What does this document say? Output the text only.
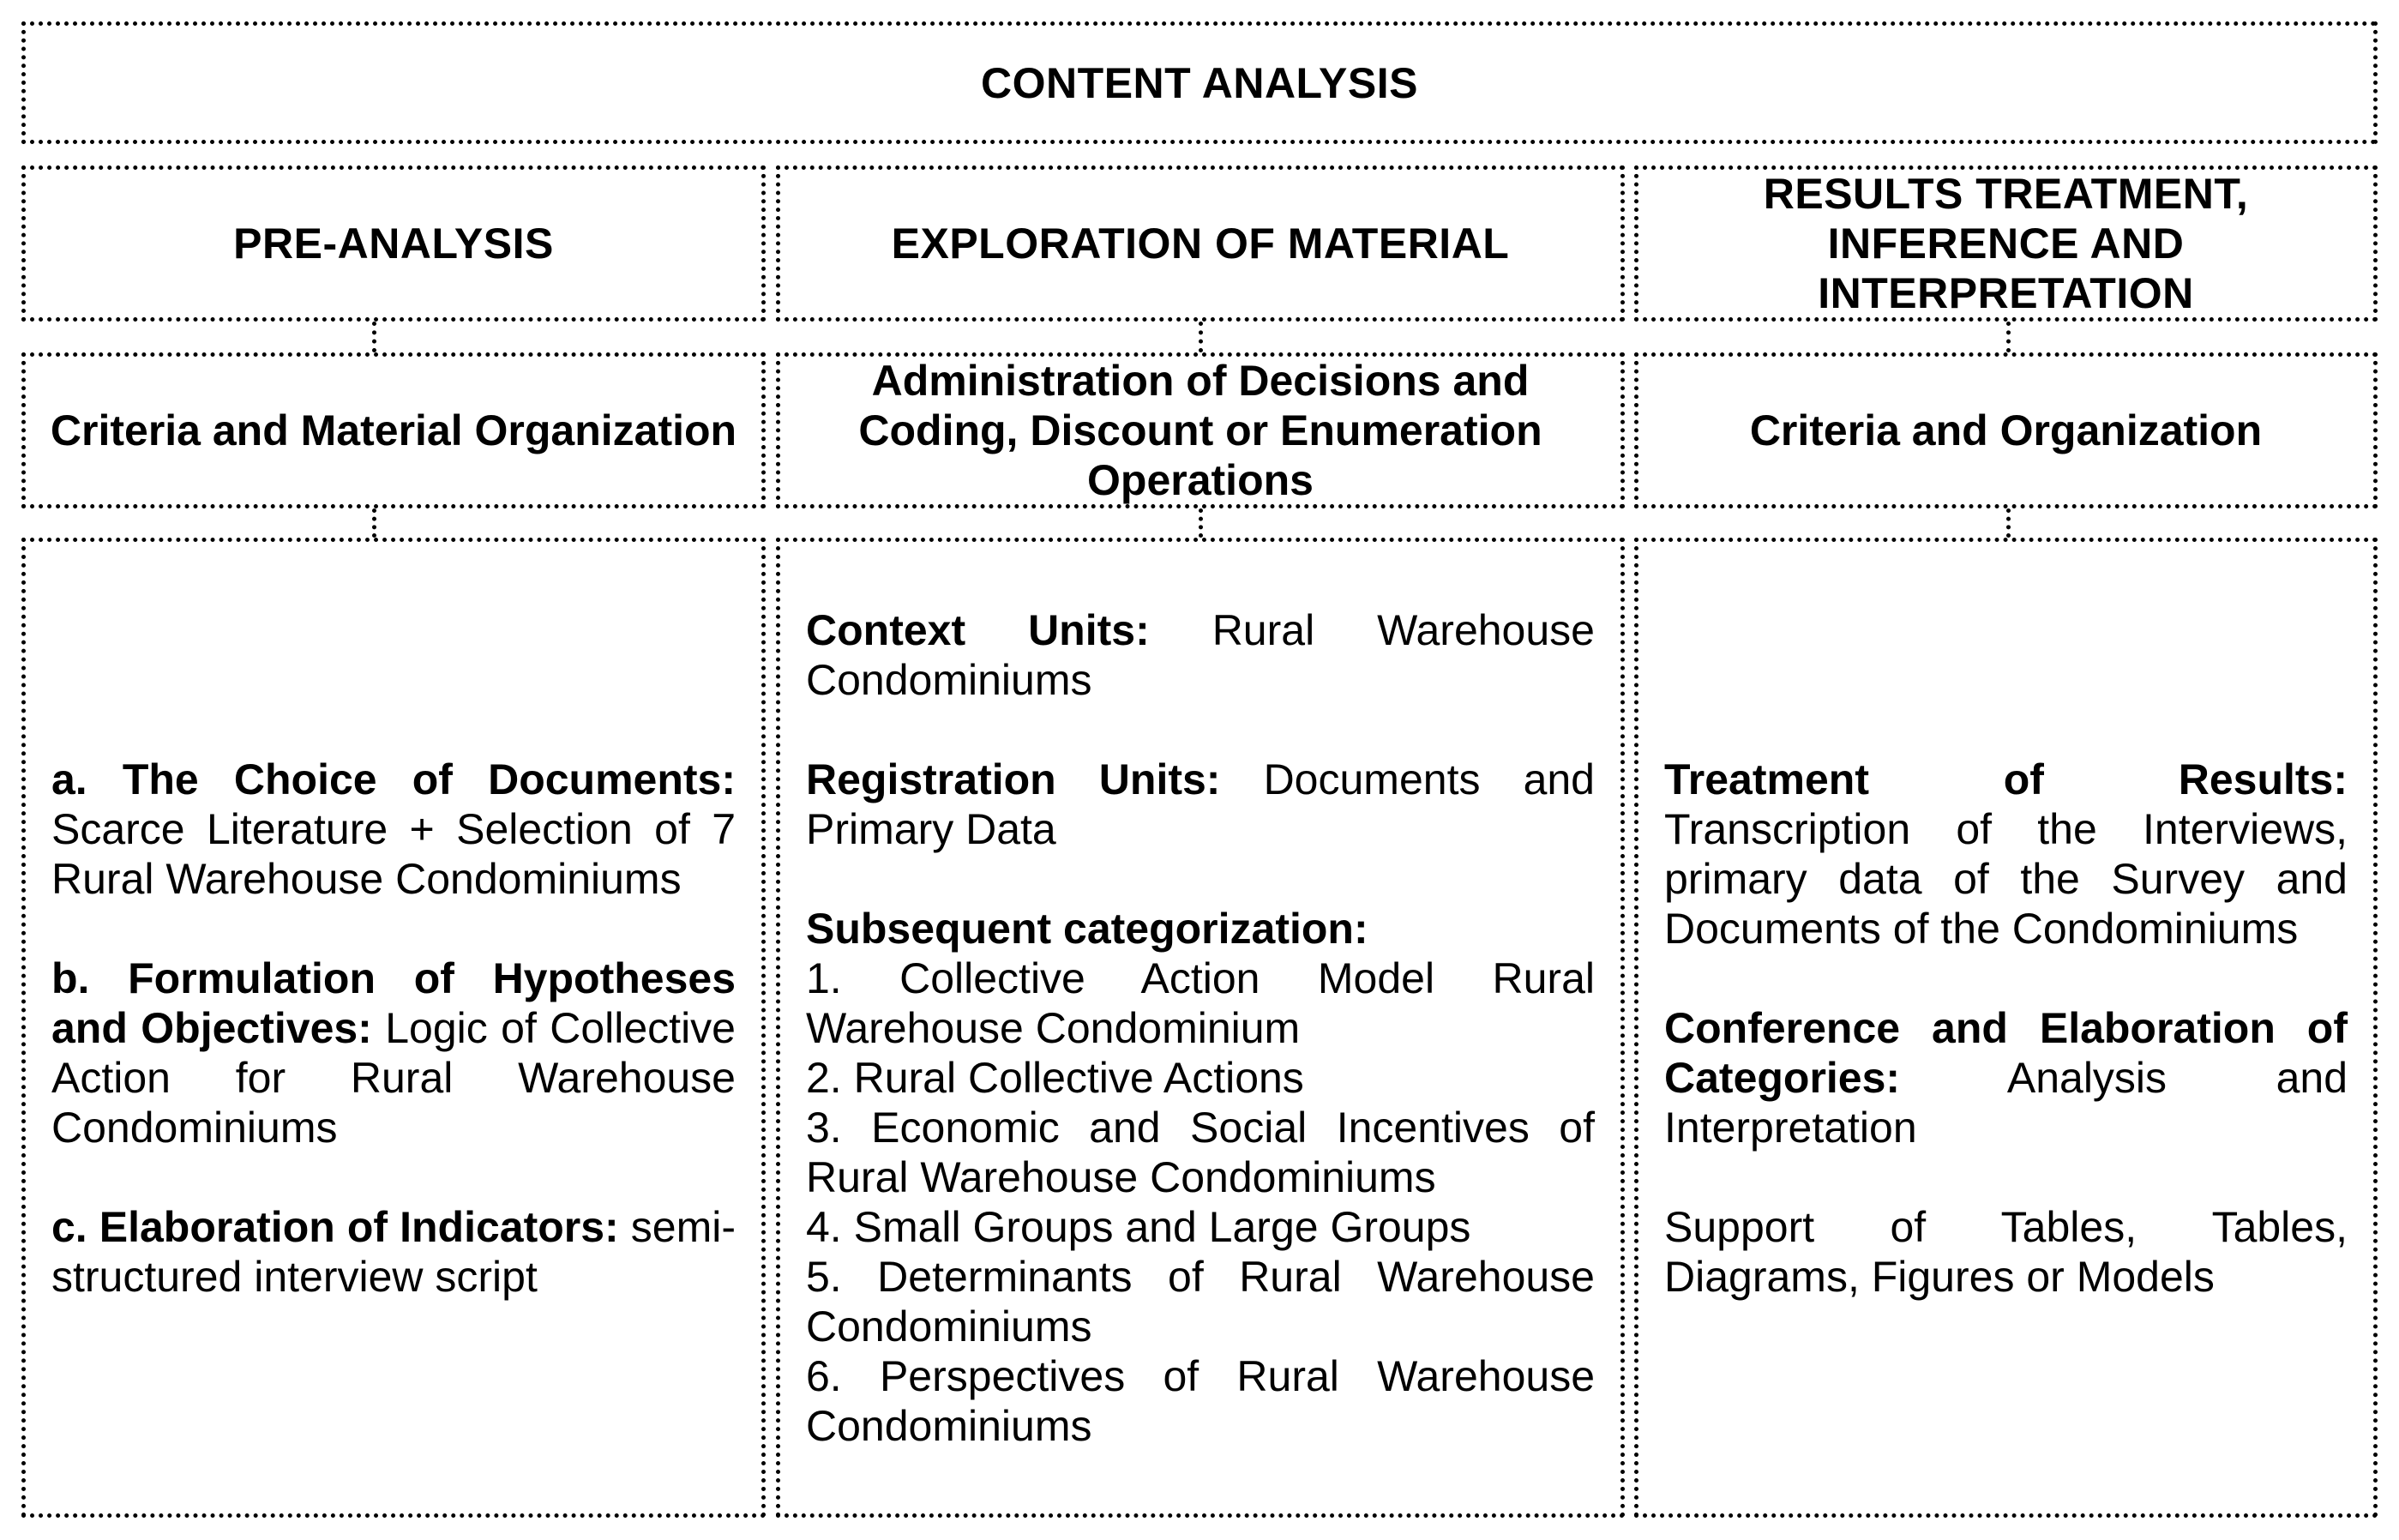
CONTENT ANALYSIS
PRE-ANALYSIS	EXPLORATION OF MATERIAL
RESULTS TREATMENT, INFERENCE AND INTERPRETATION
Criteria and Material Organization
Administration of Decisions and Coding, Discount or Enumeration Operations
Criteria and Organization

a. The Choice of Documents: Scarce Literature + Selection of 7 Rural Warehouse Condominiums

b. Formulation of Hypotheses and Objectives: Logic of Collective Action for Rural Warehouse Condominiums

c. Elaboration of Indicators: semi-structured interview script

Context Units: Rural Warehouse Condominiums

Registration Units: Documents and Primary Data

Subsequent categorization:

1. Collective Action Model Rural Warehouse Condominium

2. Rural Collective Actions

3. Economic and Social Incentives of Rural Warehouse Condominiums

4. Small Groups and Large Groups

5. Determinants of Rural Warehouse Condominiums

6. Perspectives of Rural Warehouse Condominiums

Treatment of Results: Transcription of the Interviews, primary data of the Survey and Documents of the Condominiums

Conference and Elaboration of Categories: Analysis and Interpretation

Support of Tables, Tables, Diagrams, Figures or Models
